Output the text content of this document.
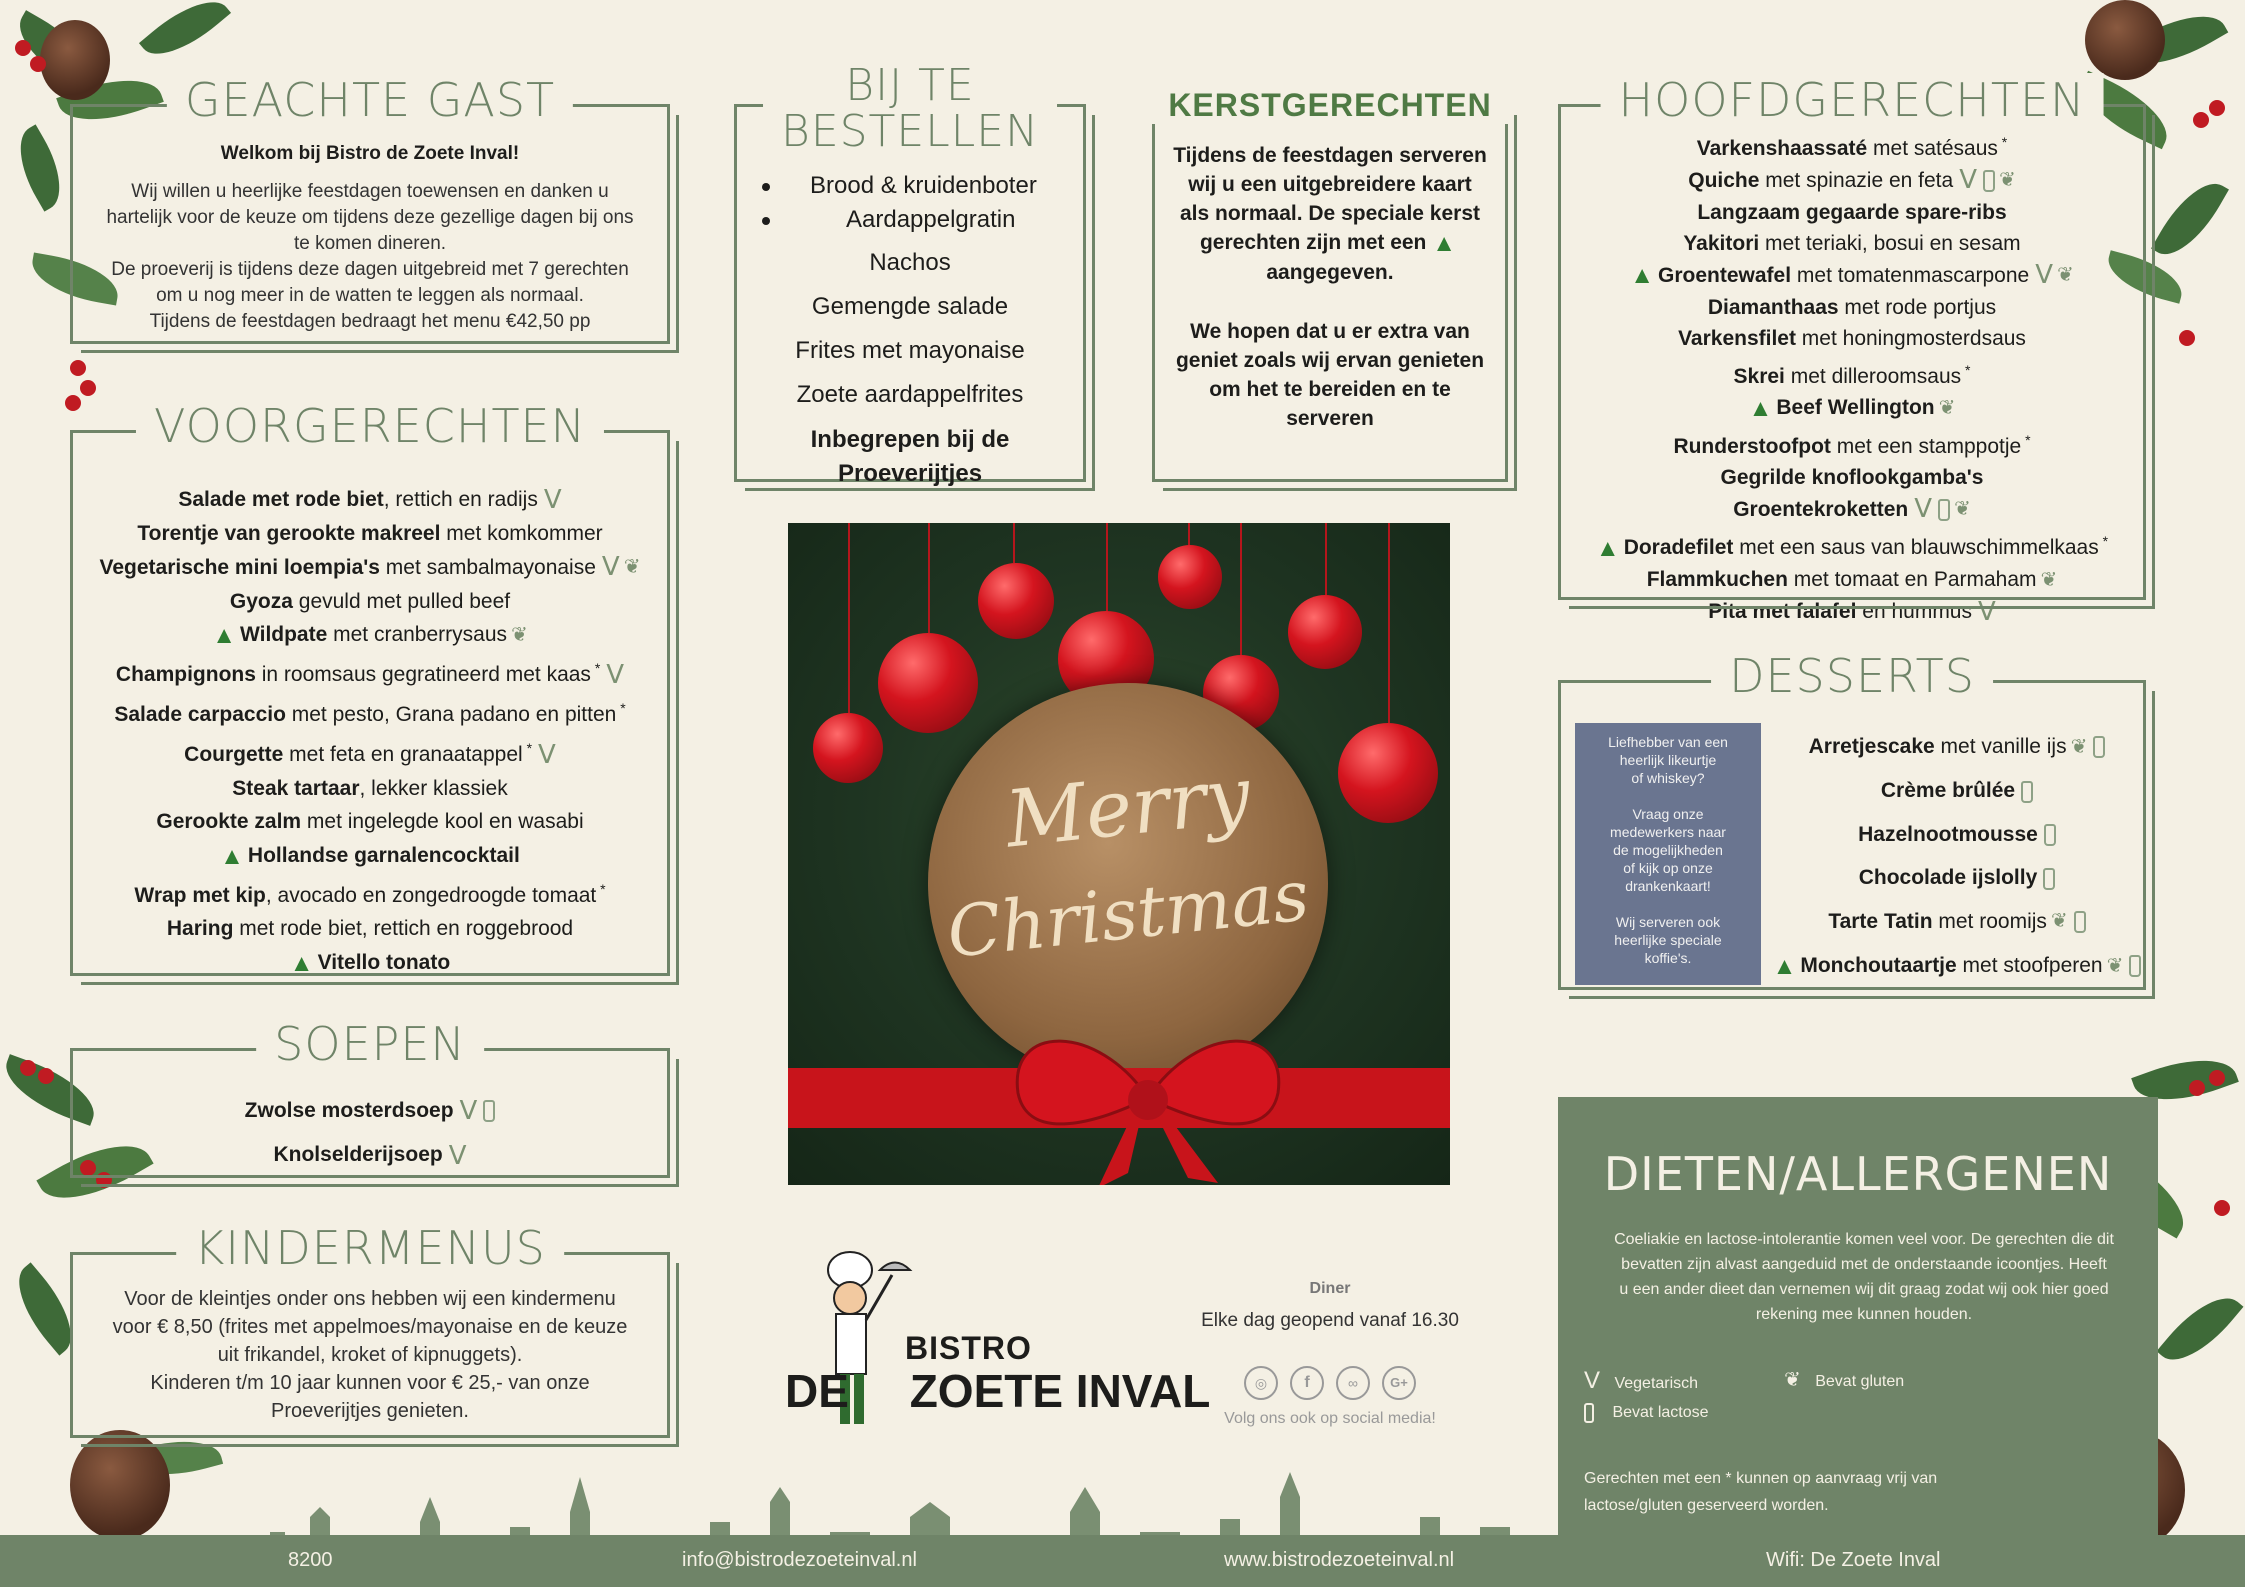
GEACHTE GAST
Welkom bij Bistro de Zoete Inval!
Wij willen u heerlijke feestdagen toewensen en danken u
hartelijk voor de keuze om tijdens deze gezellige dagen bij ons
te komen dineren.
De proeverij is tijdens deze dagen uitgebreid met 7 gerechten
om u nog meer in de watten te leggen als normaal.
Tijdens de feestdagen bedraagt het menu €42,50 pp
BIJ TE
BESTELLEN
Brood & kruidenboter
Aardappelgratin
Nachos
Gemengde salade
Frites met mayonaise
Zoete aardappelfrites
Inbegrepen bij de
Proeverijtjes
KERSTGERECHTEN
Tijdens de feestdagen serveren
wij u een uitgebreidere kaart
als normaal. De speciale kerst
gerechten zijn met een ▲
aangegeven.
We hopen dat u er extra van
geniet zoals wij ervan genieten
om het te bereiden en te
serveren
HOOFDGERECHTEN
Varkenshaassaté met satésaus *
Quiche met spinazie en feta V ❦
Langzaam gegaarde spare-ribs
Yakitori met teriaki, bosui en sesam
▲ Groentewafel met tomatenmascarpone V ❦
Diamanthaas met rode portjus
Varkensfilet met honingmosterdsaus
Skrei met dilleroomsaus *
▲ Beef Wellington ❦
Runderstoofpot met een stamppotje *
Gegrilde knoflookgamba's
Groentekroketten V ❦
▲ Doradefilet met een saus van blauwschimmelkaas *
Flammkuchen met tomaat en Parmaham ❦
Pita met falafel en hummus V
VOORGERECHTEN
Salade met rode biet, rettich en radijs V
Torentje van gerookte makreel met komkommer
Vegetarische mini loempia's met sambalmayonaise V ❦
Gyoza gevuld met pulled beef
▲ Wildpate met cranberrysaus ❦
Champignons in roomsaus gegratineerd met kaas * V
Salade carpaccio met pesto, Grana padano en pitten *
Courgette met feta en granaatappel * V
Steak tartaar, lekker klassiek
Gerookte zalm met ingelegde kool en wasabi
▲ Hollandse garnalencocktail
Wrap met kip, avocado en zongedroogde tomaat *
Haring met rode biet, rettich en roggebrood
▲ Vitello tonato
SOEPEN
Zwolse mosterdsoep V
Knolselderijsoep V
KINDERMENUS
Voor de kleintjes onder ons hebben wij een kindermenu
voor € 8,50 (frites met appelmoes/mayonaise en de keuze
uit frikandel, kroket of kipnuggets).
Kinderen t/m 10 jaar kunnen voor € 25,- van onze
Proeverijtjes genieten.
Merry
Christmas
DESSERTS
Liefhebber van een
heerlijk likeurtje
of whiskey?
Vraag onze
medewerkers naar
de mogelijkheden
of kijk op onze
drankenkaart!
Wij serveren ook
heerlijke speciale
koffie's.
Arretjescake met vanille ijs ❦
Crème brûlée
Hazelnootmousse
Chocolade ijslolly
Tarte Tatin met roomijs ❦
▲ Monchoutaartje met stoofperen ❦
DIETEN/ALLERGENEN
Coeliakie en lactose-intolerantie komen veel voor. De gerechten die dit
bevatten zijn alvast aangeduid met de onderstaande icoontjes. Heeft
u een ander dieet dan vernemen wij dit graag zodat wij ook hier goed
rekening mee kunnen houden.
V Vegetarisch	❦ Bevat gluten
Bevat lactose
Gerechten met een * kunnen op aanvraag vrij van
lactose/gluten geserveerd worden.
BISTRO
DE ZOETE INVAL
Diner
Elke dag geopend vanaf 16.30
◎	f	∞	G+
Volg ons ook op social media!
8200	info@bistrodezoeteinval.nl	www.bistrodezoeteinval.nl	Wifi: De Zoete Inval
